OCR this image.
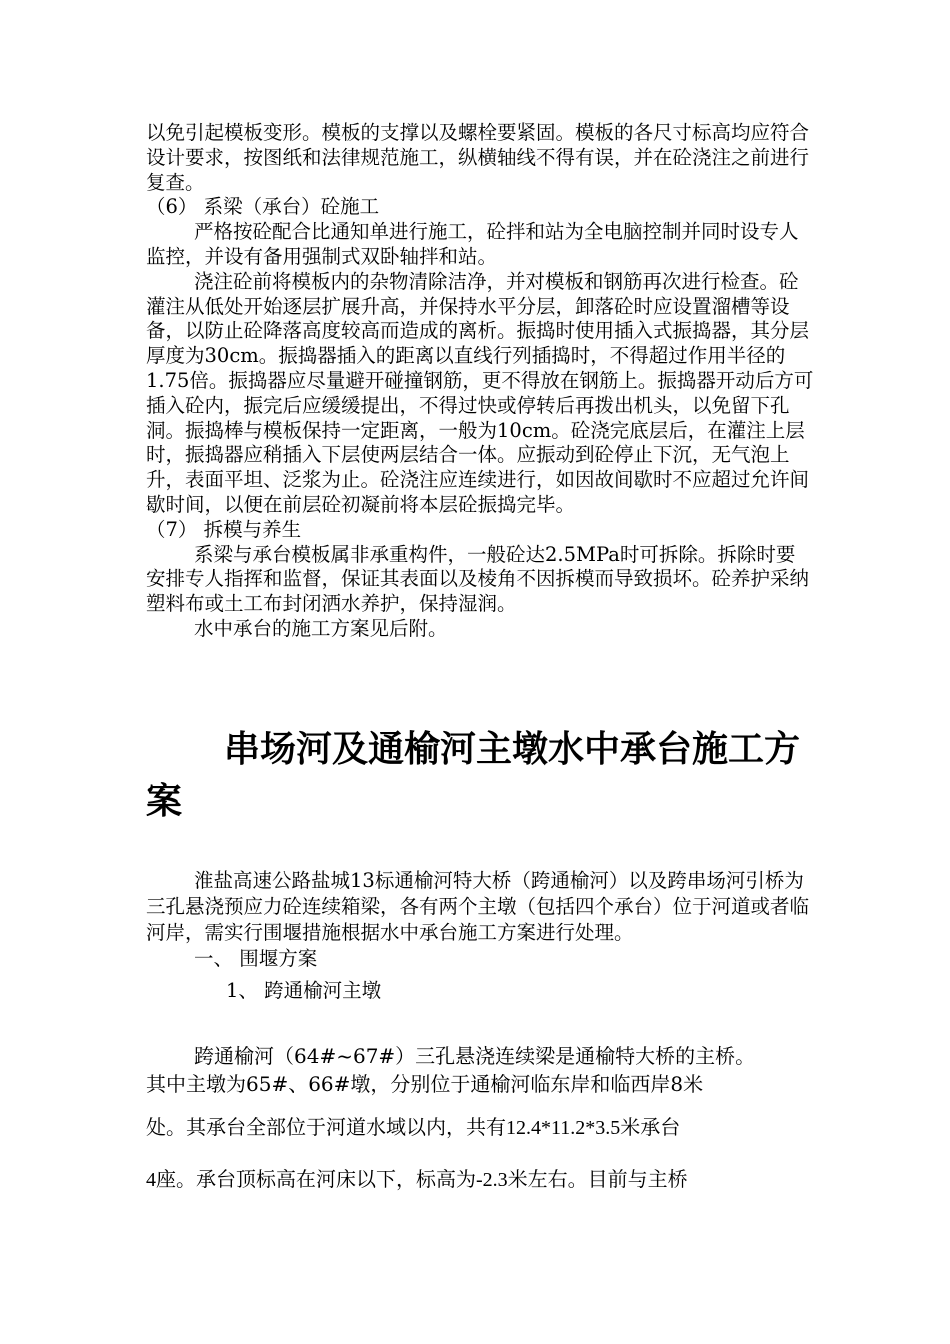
以免引起模板变形。模板的支撑以及螺栓要紧固。模板的各尺寸标高均应符合设计要求，按图纸和法律规范施工，纵横轴线不得有误，并在砼浇注之前进行复查。

（6） 系梁（承台）砼施工

严格按砼配合比通知单进行施工，砼拌和站为全电脑控制并同时设专人监控，并设有备用强制式双卧轴拌和站。

浇注砼前将模板内的杂物清除洁净，并对模板和钢筋再次进行检查。砼灌注从低处开始逐层扩展升高，并保持水平分层，卸落砼时应设置溜槽等设备，以防止砼降落高度较高而造成的离析。振捣时使用插入式振捣器，其分层厚度为30cm。振捣器插入的距离以直线行列插捣时，不得超过作用半径的1.75倍。振捣器应尽量避开碰撞钢筋，更不得放在钢筋上。振捣器开动后方可插入砼内，振完后应缓缓提出，不得过快或停转后再拨出机头，以免留下孔洞。振捣棒与模板保持一定距离，一般为10cm。砼浇完底层后，在灌注上层时，振捣器应稍插入下层使两层结合一体。应振动到砼停止下沉，无气泡上升，表面平坦、泛浆为止。砼浇注应连续进行，如因故间歇时不应超过允许间歇时间，以便在前层砼初凝前将本层砼振捣完毕。

（7） 拆模与养生

系梁与承台模板属非承重构件，一般砼达2.5MPa时可拆除。拆除时要安排专人指挥和监督，保证其表面以及棱角不因拆模而导致损坏。砼养护采纳塑料布或土工布封闭洒水养护，保持湿润。

水中承台的施工方案见后附。

串场河及通榆河主墩水中承台施工方案

淮盐高速公路盐城13标通榆河特大桥（跨通榆河）以及跨串场河引桥为三孔悬浇预应力砼连续箱梁，各有两个主墩（包括四个承台）位于河道或者临河岸，需实行围堰措施根据水中承台施工方案进行处理。

一、 围堰方案

1、 跨通榆河主墩

跨通榆河（64#~67#）三孔悬浇连续梁是通榆特大桥的主桥。

其中主墩为65#、66#墩，分别位于通榆河临东岸和临西岸8米

处。其承台全部位于河道水域以内，共有12.4*11.2*3.5米承台

4座。承台顶标高在河床以下，标高为-2.3米左右。目前与主桥
